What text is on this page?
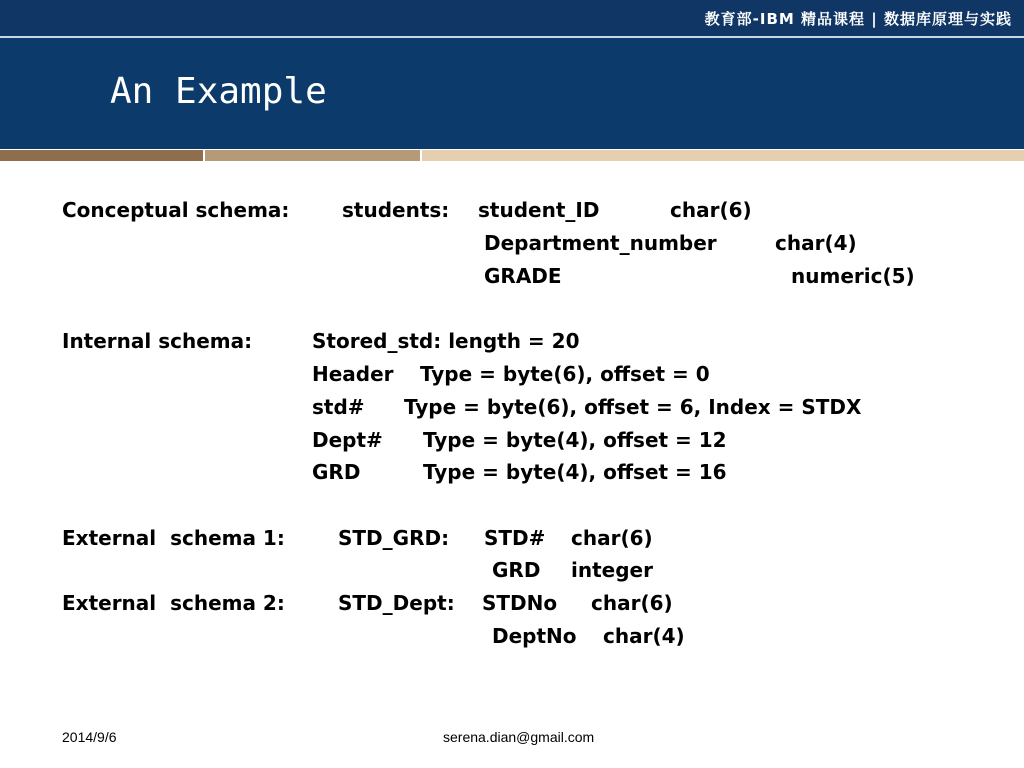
教育部-IBM 精品课程 | 数据库原理与实践
An Example
Conceptual schema:	students: student_ID	char(6)
Department_number	char(4)
GRADE	numeric(5)
Internal schema:	Stored_std: length = 20
Header Type = byte(6), offset = 0
std# Type = byte(6), offset = 6, Index = STDX
Dept# Type = byte(4), offset = 12
GRD	Type = byte(4), offset = 16
External  schema 1:	STD_GRD: STD# char(6)
GRD integer
External  schema 2:	STD_Dept: STDNo char(6)
DeptNo char(4)
2014/9/6	serena.dian@gmail.com
